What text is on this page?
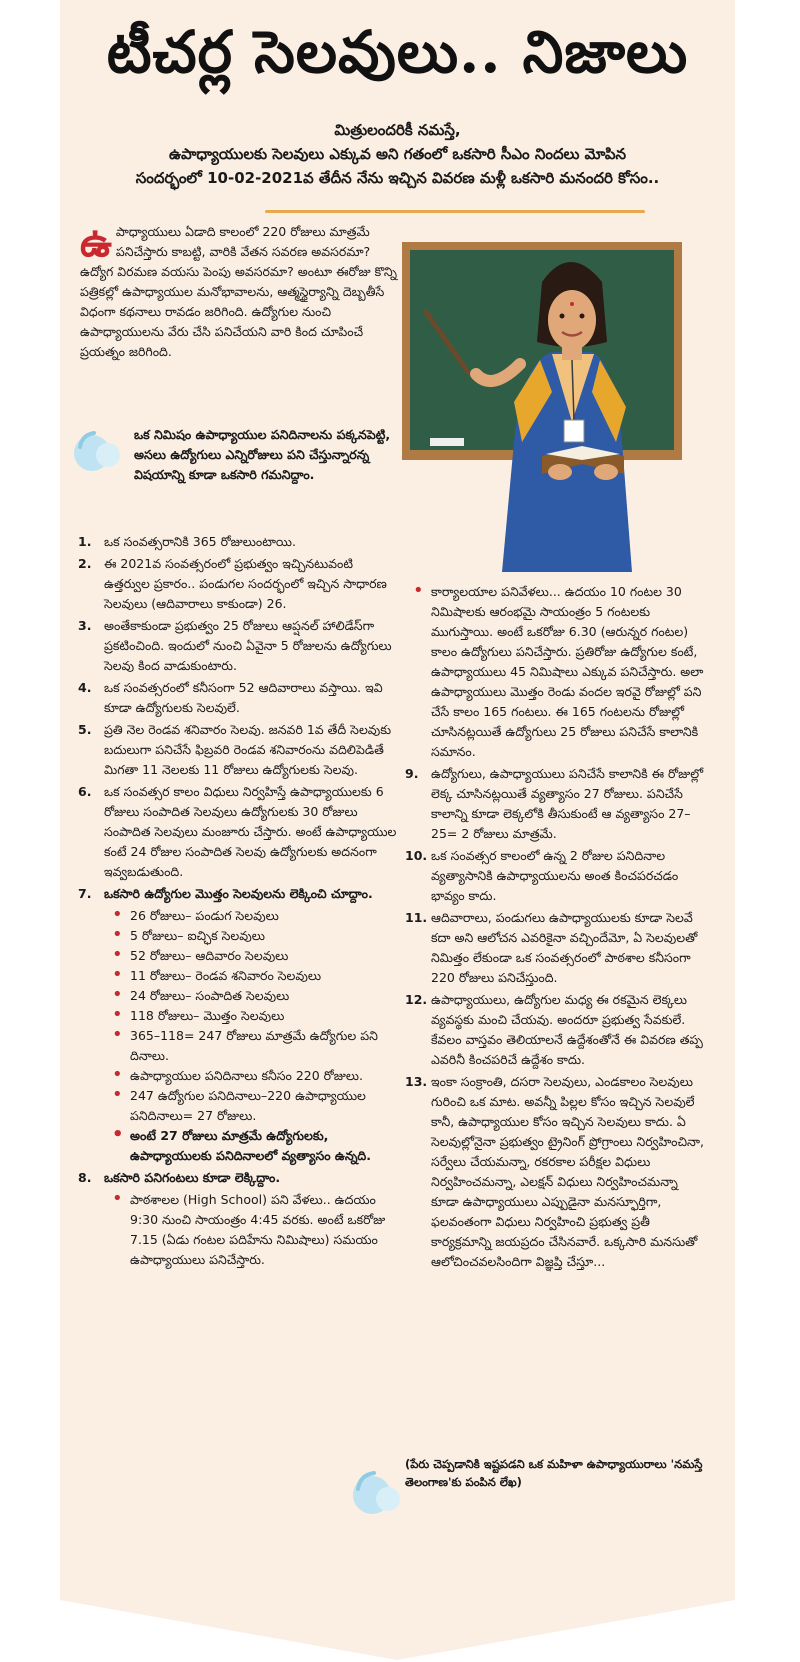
టీచర్ల సెలవులు.. నిజాలు
మిత్రులందరికీ నమస్తే,
ఉపాధ్యాయులకు సెలవులు ఎక్కువ అని గతంలో ఒకసారి సీఎం నిందలు మోపిన
సందర్భంలో 10-02-2021వ తేదీన నేను ఇచ్చిన వివరణ మళ్లీ ఒకసారి మనందరి కోసం..
ఉపాధ్యాయులు ఏడాది కాలంలో 220 రోజులు మాత్రమే పనిచేస్తారు కాబట్టి, వారికి వేతన సవరణ అవసరమా? ఉద్యోగ విరమణ వయసు పెంపు అవసరమా? అంటూ ఈరోజు కొన్ని పత్రికల్లో ఉపాధ్యాయుల మనోభావాలను, ఆత్మస్థైర్యాన్ని దెబ్బతీసే విధంగా కథనాలు రావడం జరిగింది. ఉద్యోగుల నుంచి ఉపాధ్యాయులను వేరు చేసి పనిచేయని వారి కింద చూపించే ప్రయత్నం జరిగింది.
ఒక నిమిషం ఉపాధ్యాయుల పనిదినాలను పక్కనపెట్టి, అసలు ఉద్యోగులు ఎన్నిరోజులు పని చేస్తున్నారన్న విషయాన్ని కూడా ఒకసారి గమనిద్దాం.
1. ఒక సంవత్సరానికి 365 రోజులుంటాయి.
2. ఈ 2021వ సంవత్సరంలో ప్రభుత్వం ఇచ్చినటువంటి ఉత్తర్వుల ప్రకారం.. పండుగల సందర్భంలో ఇచ్చిన సాధారణ సెలవులు (ఆదివారాలు కాకుండా) 26.
3. అంతేకాకుండా ప్రభుత్వం 25 రోజులు ఆప్షనల్ హాలిడేస్‌గా ప్రకటించింది. ఇందులో నుంచి ఏవైనా 5 రోజులను ఉద్యోగులు సెలవు కింద వాడుకుంటారు.
4. ఒక సంవత్సరంలో కనీసంగా 52 ఆదివారాలు వస్తాయి. ఇవి కూడా ఉద్యోగులకు సెలవులే.
5. ప్రతి నెల రెండవ శనివారం సెలవు. జనవరి 1వ తేదీ సెలవుకు బదులుగా పనిచేసే ఫిబ్రవరి రెండవ శనివారంను వదిలిపెడితే మిగతా 11 నెలలకు 11 రోజులు ఉద్యోగులకు సెలవు.
6. ఒక సంవత్సర కాలం విధులు నిర్వహిస్తే ఉపాధ్యాయులకు 6 రోజులు సంపాదిత సెలవులు ఉద్యోగులకు 30 రోజులు సంపాదిత సెలవులు మంజూరు చేస్తారు. అంటే ఉపాధ్యాయుల కంటే 24 రోజుల సంపాదిత సెలవు ఉద్యోగులకు అదనంగా ఇవ్వబడుతుంది.
7. ఒకసారి ఉద్యోగుల మొత్తం సెలవులను లెక్కించి చూద్దాం.
• 26 రోజులు– పండుగ సెలవులు
• 5 రోజులు– ఐచ్ఛిక సెలవులు
• 52 రోజులు– ఆదివారం సెలవులు
• 11 రోజులు– రెండవ శనివారం సెలవులు
• 24 రోజులు– సంపాదిత సెలవులు
• 118 రోజులు– మొత్తం సెలవులు
• 365–118= 247 రోజులు మాత్రమే ఉద్యోగుల పని దినాలు.
• ఉపాధ్యాయుల పనిదినాలు కనీసం 220 రోజులు.
• 247 ఉద్యోగుల పనిదినాలు–220 ఉపాధ్యాయుల పనిదినాలు= 27 రోజులు.
• అంటే 27 రోజులు మాత్రమే ఉద్యోగులకు, ఉపాధ్యాయులకు పనిదినాలలో వ్యత్యాసం ఉన్నది.
8. ఒకసారి పనిగంటలు కూడా లెక్కిద్దాం.
• పాఠశాలల (High School) పని వేళలు.. ఉదయం 9:30 నుంచి సాయంత్రం 4:45 వరకు. అంటే ఒకరోజు 7.15 (ఏడు గంటల పదిహేను నిమిషాలు) సమయం ఉపాధ్యాయులు పనిచేస్తారు.
• కార్యాలయాల పనివేళలు... ఉదయం 10 గంటల 30 నిమిషాలకు ఆరంభమై సాయంత్రం 5 గంటలకు ముగుస్తాయి. అంటే ఒకరోజు 6.30 (ఆరున్నర గంటల) కాలం ఉద్యోగులు పనిచేస్తారు. ప్రతిరోజు ఉద్యోగుల కంటే, ఉపాధ్యాయులు 45 నిమిషాలు ఎక్కువ పనిచేస్తారు. అలా ఉపాధ్యాయులు మొత్తం రెండు వందల ఇరవై రోజుల్లో పని చేసే కాలం 165 గంటలు. ఈ 165 గంటలను రోజుల్లో చూసినట్లయితే ఉద్యోగులు 25 రోజులు పనిచేసే కాలానికి సమానం.
9. ఉద్యోగులు, ఉపాధ్యాయులు పనిచేసే కాలానికి ఈ రోజుల్లో లెక్క చూసినట్లయితే వ్యత్యాసం 27 రోజులు. పనిచేసే కాలాన్ని కూడా లెక్కలోకి తీసుకుంటే ఆ వ్యత్యాసం 27–25= 2 రోజులు మాత్రమే.
10. ఒక సంవత్సర కాలంలో ఉన్న 2 రోజుల పనిదినాల వ్యత్యాసానికి ఉపాధ్యాయులను అంత కించపరచడం భావ్యం కాదు.
11. ఆదివారాలు, పండుగలు ఉపాధ్యాయులకు కూడా సెలవే కదా అని ఆలోచన ఎవరికైనా వచ్చిందేమో, ఏ సెలవులతో నిమిత్తం లేకుండా ఒక సంవత్సరంలో పాఠశాల కనీసంగా 220 రోజులు పనిచేస్తుంది.
12. ఉపాధ్యాయులు, ఉద్యోగుల మధ్య ఈ రకమైన లెక్కలు వ్యవస్థకు మంచి చేయవు. అందరూ ప్రభుత్వ సేవకులే. కేవలం వాస్తవం తెలియాలనే ఉద్దేశంతోనే ఈ వివరణ తప్ప ఎవరినీ కించపరిచే ఉద్దేశం కాదు.
13. ఇంకా సంక్రాంతి, దసరా సెలవులు, ఎండకాలం సెలవులు గురించి ఒక మాట. అవన్నీ పిల్లల కోసం ఇచ్చిన సెలవులే కానీ, ఉపాధ్యాయుల కోసం ఇచ్చిన సెలవులు కాదు. ఏ సెలవుల్లోనైనా ప్రభుత్వం ట్రైనింగ్ ప్రోగ్రాంలు నిర్వహించినా, సర్వేలు చేయమన్నా, రకరకాల పరీక్షల విధులు నిర్వహించమన్నా, ఎలక్షన్ విధులు నిర్వహించమన్నా కూడా ఉపాధ్యాయులు ఎప్పుడైనా మనస్ఫూర్తిగా, ఫలవంతంగా విధులు నిర్వహించి ప్రభుత్వ ప్రతీ కార్యక్రమాన్ని జయప్రదం చేసినవారే. ఒక్కసారి మనసుతో ఆలోచించవలసిందిగా విజ్ఞప్తి చేస్తూ...
(పేరు చెప్పడానికి ఇష్టపడని ఒక మహిళా ఉపాధ్యాయురాలు 'నమస్తే తెలంగాణ'కు పంపిన లేఖ)
